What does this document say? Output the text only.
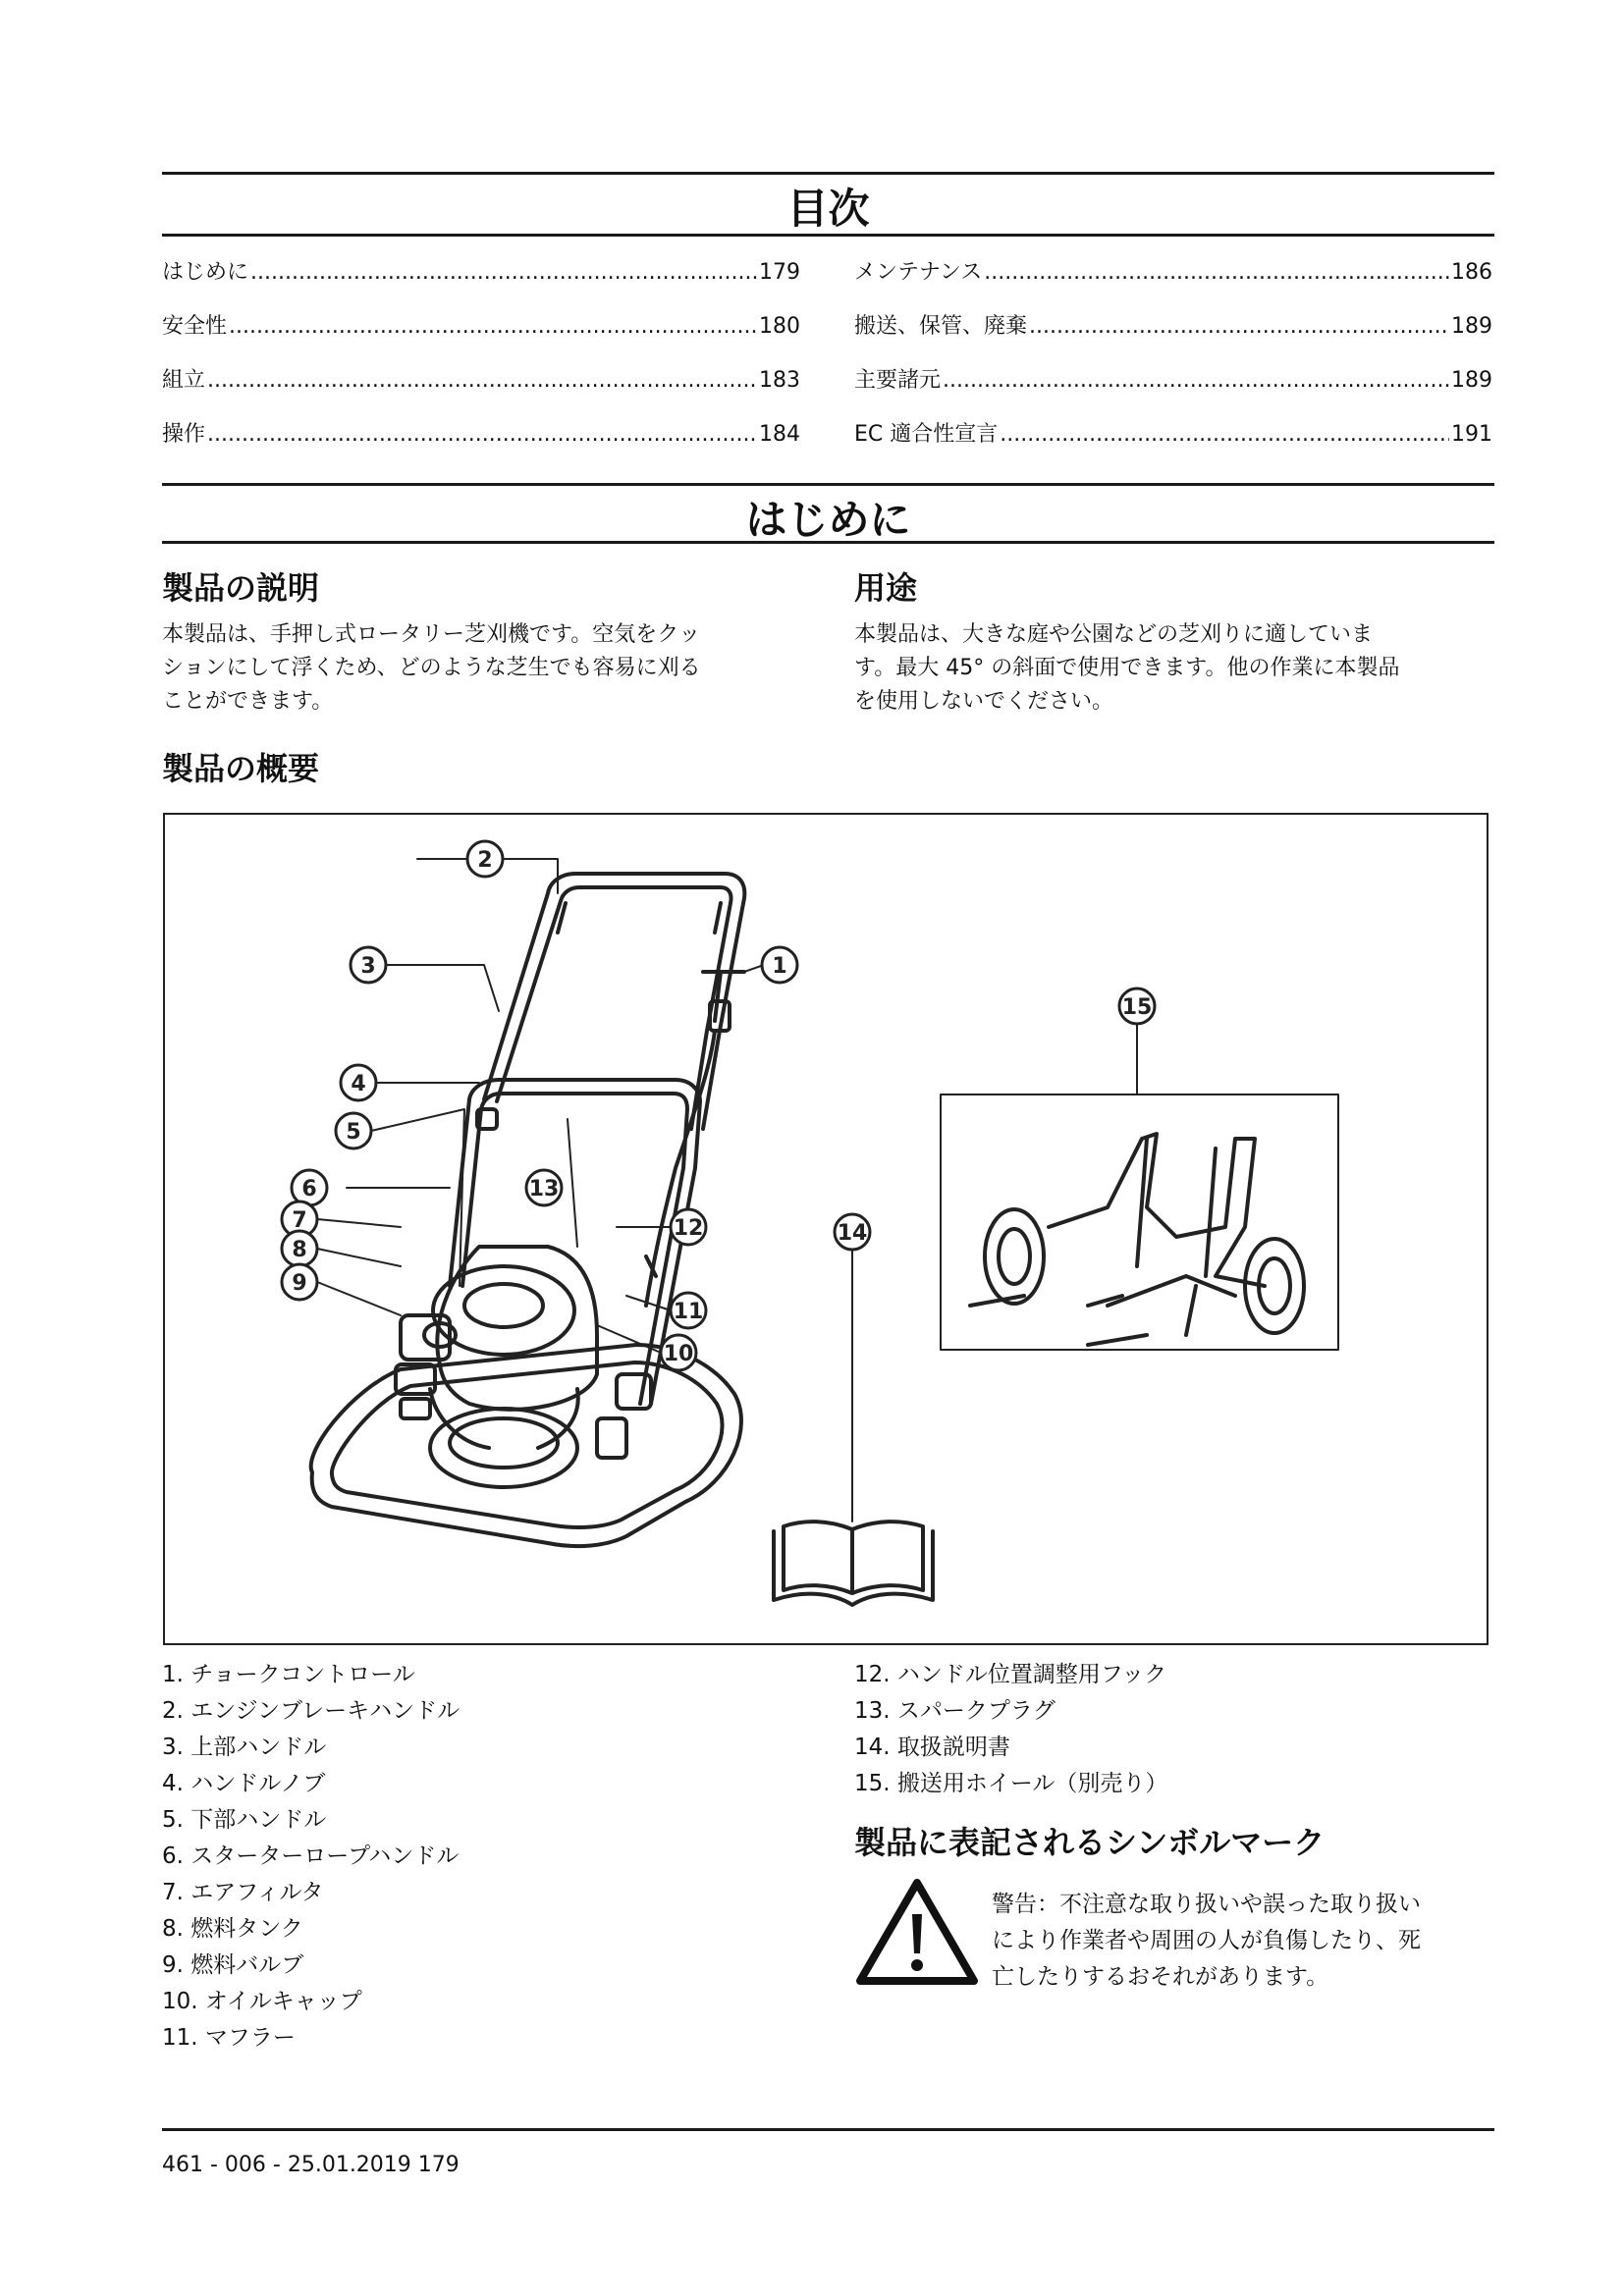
目次
はじめに .....	179
安全性 .....	180
組立 .....	183
操作 .....	184
メンテナンス .....	186
搬送、保管、廃棄 .....	189
主要諸元 .....	189
EC 適合性宣言 .....	191
はじめに
製品の説明
本製品は、手押し式ロータリー芝刈機です。空気をクッ
ションにして浮くため、どのような芝生でも容易に刈る
ことができます。
用途
本製品は、大きな庭や公園などの芝刈りに適していま
す。最大 45° の斜面で使用できます。他の作業に本製品
を使用しないでください。
製品の概要
1
2
3
4
5
6
7
8
9
10
11
12
13
14
15
1. チョークコントロール
2. エンジンブレーキハンドル
3. 上部ハンドル
4. ハンドルノブ
5. 下部ハンドル
6. スターターロープハンドル
7. エアフィルタ
8. 燃料タンク
9. 燃料バルブ
10. オイルキャップ
11. マフラー
12. ハンドル位置調整用フック
13. スパークプラグ
14. 取扱説明書
15. 搬送用ホイール（別売り）
製品に表記されるシンボルマーク
警告：不注意な取り扱いや誤った取り扱い
により作業者や周囲の人が負傷したり、死
亡したりするおそれがあります。
461 - 006 - 25.01.2019 179
